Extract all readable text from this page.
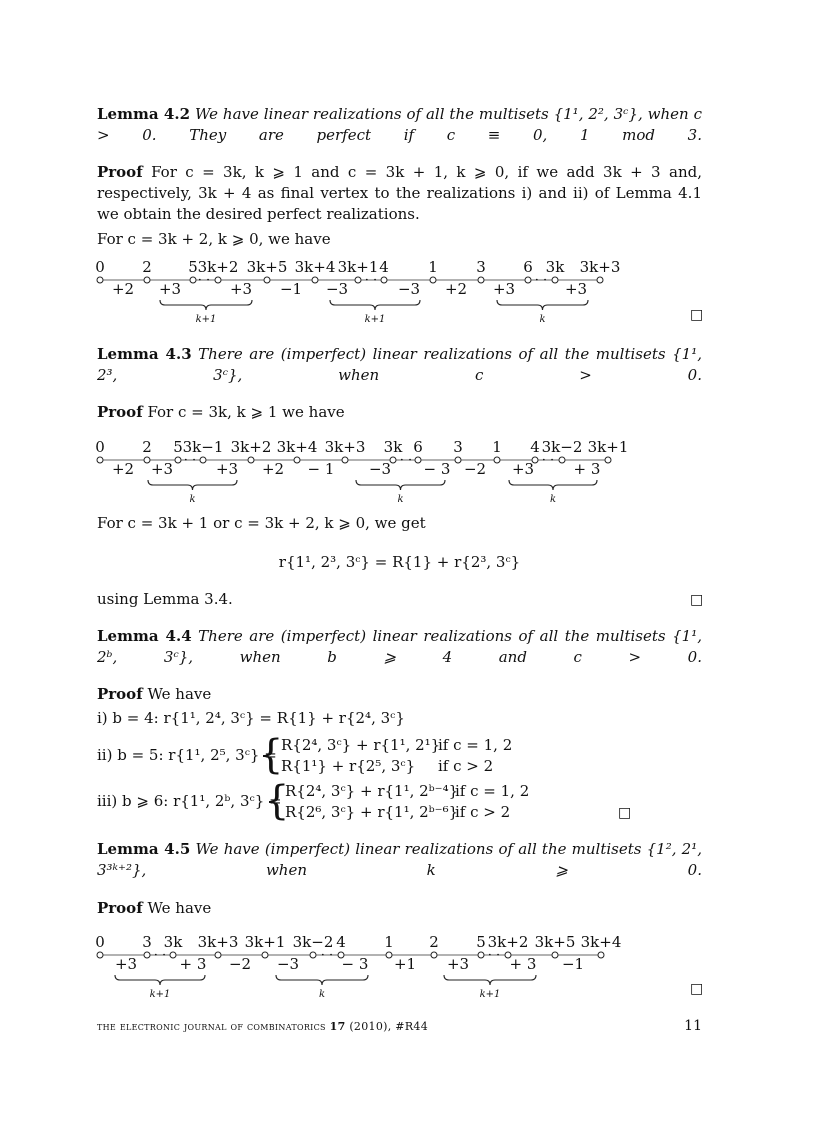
Lemma 4.2 We have linear realizations of all the multisets {1¹, 2², 3ᶜ}, when c > 0. They are perfect if c ≡ 0, 1 mod 3.
Proof For c = 3k, k ⩾ 1 and c = 3k + 1, k ⩾ 0, if we add 3k + 3 and, respectively, 3k + 4 as final vertex to the realizations i) and ii) of Lemma 4.1 we obtain the desired perfect realizations.
For c = 3k + 2, k ⩾ 0, we have
0 2 5 3k+2 3k+5 3k+4 3k+1 4	1	3 6 3k 3k+3
· ·	· ·	· ·
+2 +3	+3 −1 −3	−3 +2 +3	+3
k+1	k+1	k	□
Lemma 4.3 There are (imperfect) linear realizations of all the multisets {1¹, 2³, 3ᶜ}, when c > 0.
Proof For c = 3k, k ⩾ 1 we have
0 2 5 3k−1 3k+2 3k+4 3k+3 3k 6 3 1 4 3k−2 3k+1
· ·	· ·	· ·
+2 +3	+3 +2 − 1 −3 − 3 −2 +3	+ 3
k	k	k
For c = 3k + 1 or c = 3k + 2, k ⩾ 0, we get
r{1¹, 2³, 3ᶜ} = R{1} + r{2³, 3ᶜ}
using Lemma 3.4.	□
Lemma 4.4 There are (imperfect) linear realizations of all the multisets {1¹, 2ᵇ, 3ᶜ}, when b ⩾ 4 and c > 0.
Proof We have
i) b = 4: r{1¹, 2⁴, 3ᶜ} = R{1} + r{2⁴, 3ᶜ}
ii) b = 5: r{1¹, 2⁵, 3ᶜ} =
{
R{2⁴, 3ᶜ} + r{1¹, 2¹}
if c = 1, 2
R{1¹} + r{2⁵, 3ᶜ} if c > 2
iii) b ⩾ 6: r{1¹, 2ᵇ, 3ᶜ} =
{
R{2⁴, 3ᶜ} + r{1¹, 2ᵇ⁻⁴}
if c = 1, 2
R{2⁶, 3ᶜ} + r{1¹, 2ᵇ⁻⁶}
if c > 2	□
Lemma 4.5 We have (imperfect) linear realizations of all the multisets {1², 2¹, 3³ᵏ⁺²}, when k ⩾ 0.
Proof We have
0 3 3k 3k+3 3k+1 3k−2 4	1 2 5 3k+2 3k+5 3k+4
· ·	· ·	· ·
+3	+ 3 −2 −3	− 3 +1 +3	+ 3 −1
k+1	k	k+1	□
the electronic journal of combinatorics 17 (2010), #R44	11
